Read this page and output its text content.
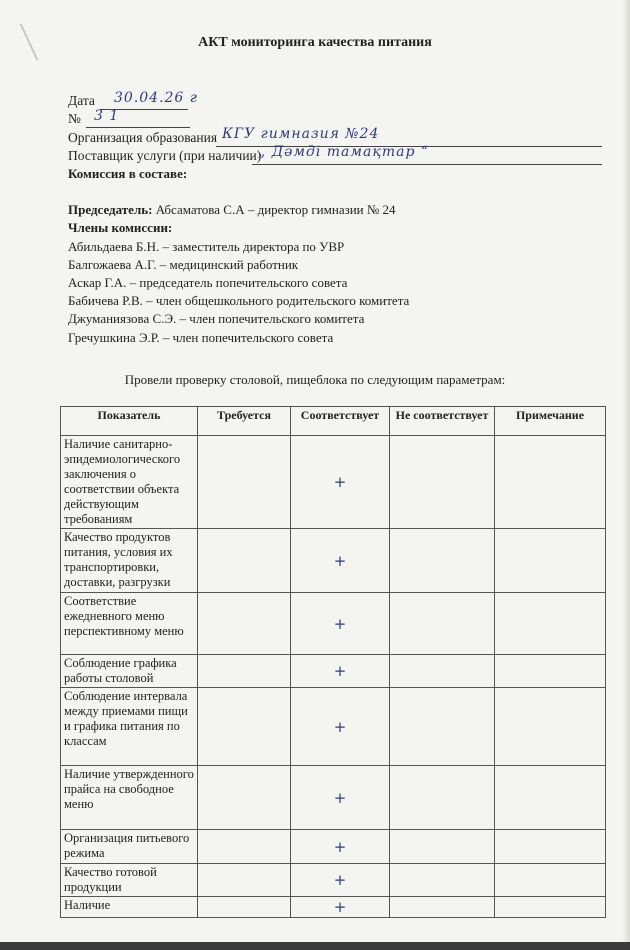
АКТ мониторинга качества питания
Дата 30.04.26 г
№ 3 1
Организация образования КГУ гимназия №24
Поставщик услуги (при наличии)
„ Дәмді тамақтар “
Комиссия в составе:
Председатель: Абсаматова С.А – директор гимназии № 24
Члены комиссии:
Абильдаева Б.Н. – заместитель директора по УВР
Балгожаева А.Г. – медицинский работник
Аскар Г.А. – председатель попечительского совета
Бабичева Р.В. – член общешкольного родительского комитета
Джуманиязова С.Э. – член попечительского комитета
Гречушкина Э.Р. – член попечительского совета
Провели проверку столовой, пищеблока по следующим параметрам:
Показатель	Требуется	Соответствует	Не соответствует	Примечание
Наличие санитарно-эпидемиологического заключения о соответствии объекта действующим требованиям		+		
Качество продуктов питания, условия их транспортировки, доставки, разгрузки		+		
Соответствие ежедневного меню перспективному меню		+		
Соблюдение графика работы столовой		+		
Соблюдение интервала между приемами пищи и графика питания по классам		+		
Наличие утвержденного прайса на свободное меню		+		
Организация питьевого режима		+		
Качество готовой продукции		+		
Наличие		+		
